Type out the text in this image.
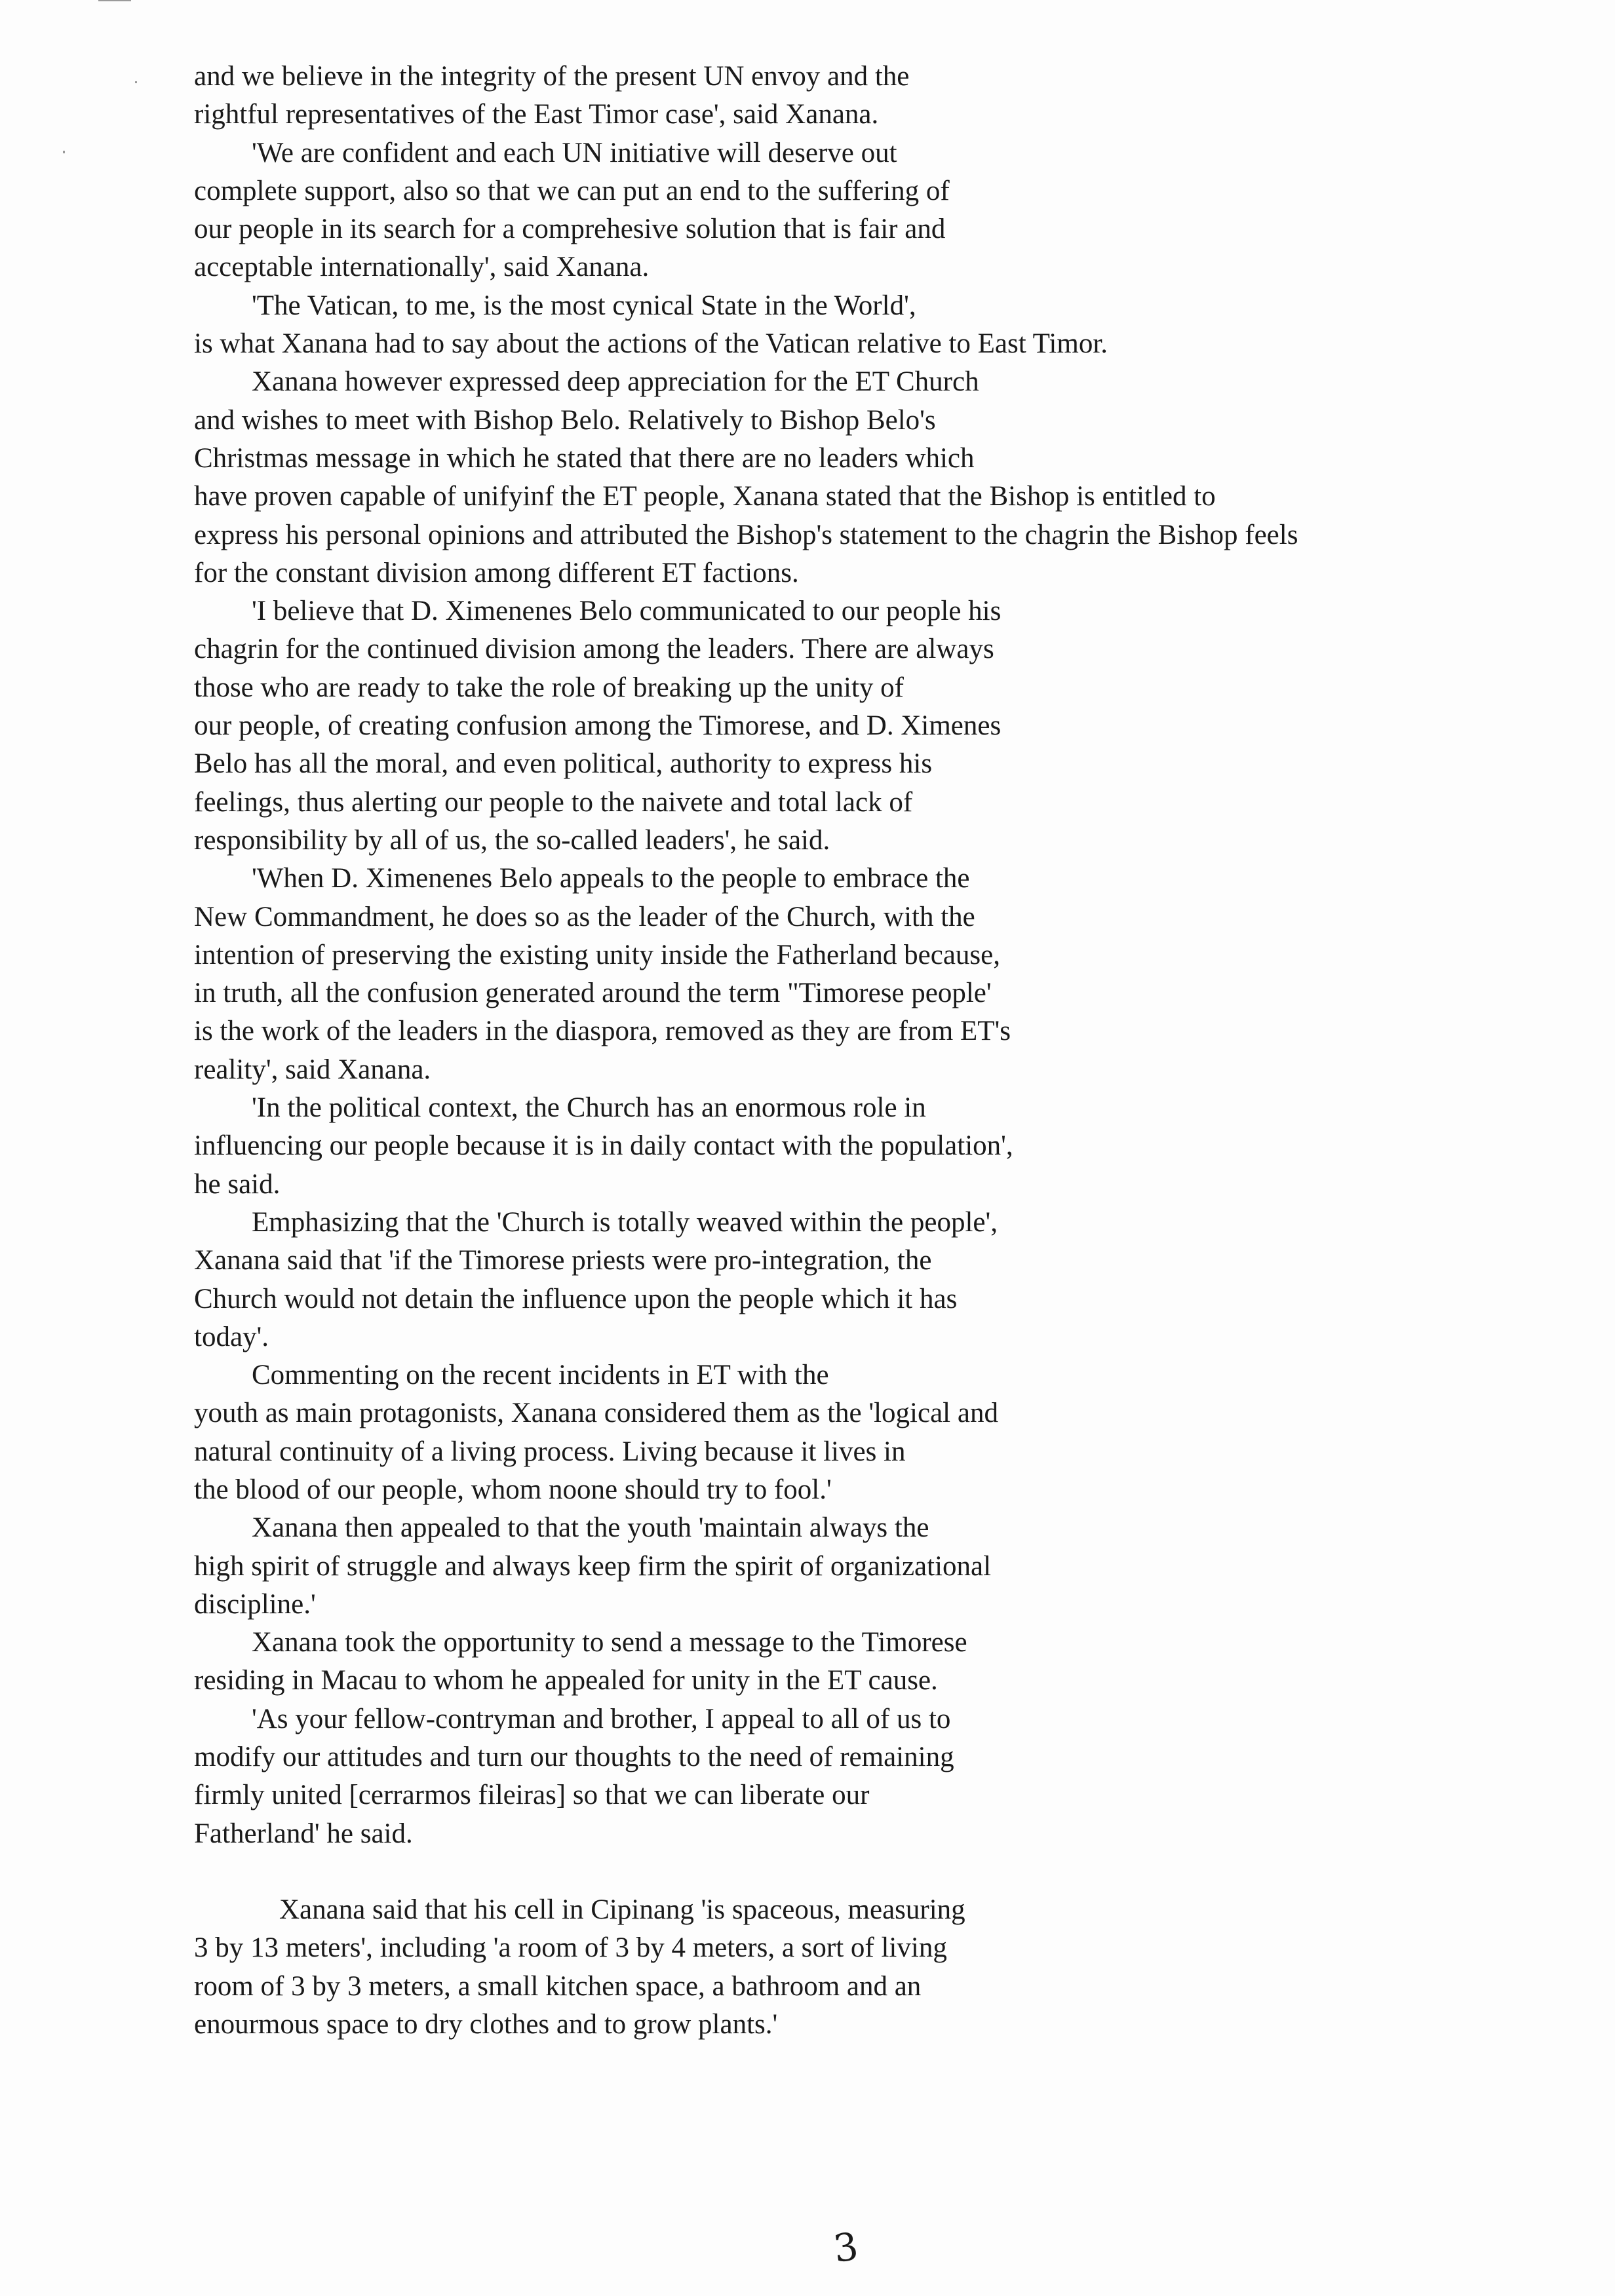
and we believe in the integrity of the present UN envoy and the
rightful representatives of the East Timor case', said Xanana.
'We are confident and each UN initiative will deserve out
complete support, also so that we can put an end to the suffering of
our people in its search for a comprehesive solution that is fair and
acceptable internationally', said Xanana.
'The Vatican, to me, is the most cynical State in the World',
is what Xanana had to say about the actions of the Vatican relative to East Timor.
Xanana however expressed deep appreciation for the ET Church
and wishes to meet with Bishop Belo. Relatively to Bishop Belo's
Christmas message in which he stated that there are no leaders which
have proven capable of unifyinf the ET people, Xanana stated that the Bishop is entitled to
express his personal opinions and attributed the Bishop's statement to the chagrin the Bishop feels
for the constant division among different ET factions.
'I believe that D. Ximenenes Belo communicated to our people his
chagrin for the continued division among the leaders. There are always
those who are ready to take the role of breaking up the unity of
our people, of creating confusion among the Timorese, and D. Ximenes
Belo has all the moral, and even political, authority to express his
feelings, thus alerting our people to the naivete and total lack of
responsibility by all of us, the so-called leaders', he said.
'When D. Ximenenes Belo appeals to the people to embrace the
New Commandment, he does so as the leader of the Church, with the
intention of preserving the existing unity inside the Fatherland because,
in truth, all the confusion generated around the term "Timorese people'
is the work of the leaders in the diaspora, removed as they are from ET's
reality', said Xanana.
'In the political context, the Church has an enormous role in
influencing our people because it is in daily contact with the population',
he said.
Emphasizing that the 'Church is totally weaved within the people',
Xanana said that 'if the Timorese priests were pro-integration, the
Church would not detain the influence upon the people which it has
today'.
Commenting on the recent incidents in ET with the
youth as main protagonists, Xanana considered them as the 'logical and
natural continuity of a living process. Living because it lives in
the blood of our people, whom noone should try to fool.'
Xanana then appealed to that the youth 'maintain always the
high spirit of struggle and always keep firm the spirit of organizational
discipline.'
Xanana took the opportunity to send a message to the Timorese
residing in Macau to whom he appealed for unity in the ET cause.
'As your fellow-contryman and brother, I appeal to all of us to
modify our attitudes and turn our thoughts to the need of remaining
firmly united [cerrarmos fileiras] so that we can liberate our
Fatherland' he said.
Xanana said that his cell in Cipinang 'is spaceous, measuring
3 by 13 meters', including 'a room of 3 by 4 meters, a sort of living
room of 3 by 3 meters, a small kitchen space, a bathroom and an
enourmous space to dry clothes and to grow plants.'
3
